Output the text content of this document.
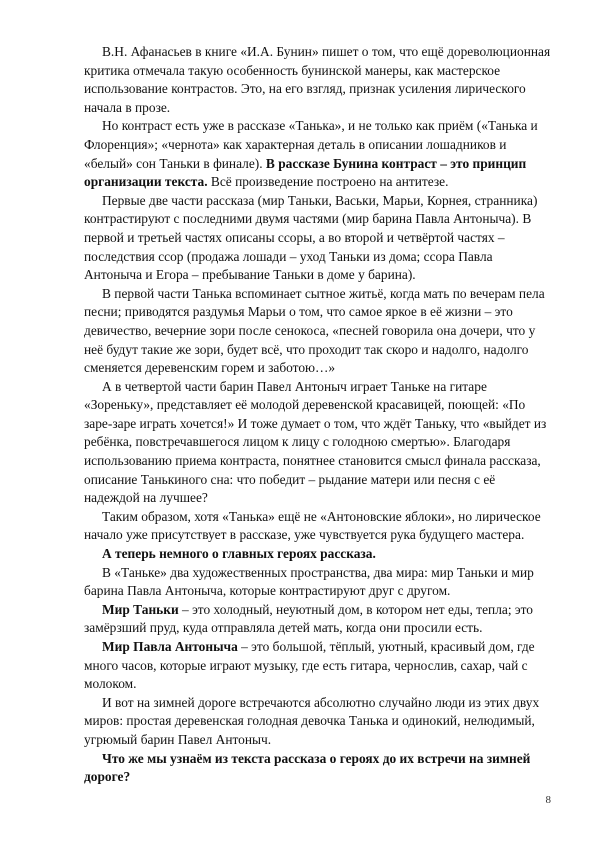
В.Н. Афанасьев в книге «И.А. Бунин» пишет о том, что ещё дореволюционная критика отмечала такую особенность бунинской манеры, как мастерское использование контрастов. Это, на его взгляд, признак усиления лирического начала в прозе.

Но контраст есть уже в рассказе «Танька», и не только как приём («Танька и Флоренция»; «чернота» как характерная деталь в описании лошадников и «белый» сон Таньки в финале). В рассказе Бунина контраст – это принцип организации текста. Всё произведение построено на антитезе.

Первые две части рассказа (мир Таньки, Васьки, Марьи, Корнея, странника) контрастируют с последними двумя частями (мир барина Павла Антоныча). В первой и третьей частях описаны ссоры, а во второй и четвёртой частях – последствия ссор (продажа лошади – уход Таньки из дома; ссора Павла Антоныча и Егора – пребывание Таньки в доме у барина).

В первой части Танька вспоминает сытное житьё, когда мать по вечерам пела песни; приводятся раздумья Марьи о том, что самое яркое в её жизни – это девичество, вечерние зори после сенокоса, «песней говорила она дочери, что у неё будут такие же зори, будет всё, что проходит так скоро и надолго, надолго сменяется деревенским горем и заботою…»

А в четвертой части барин Павел Антоныч играет Таньке на гитаре «Зореньку», представляет её молодой деревенской красавицей, поющей: «По заре-заре играть хочется!» И тоже думает о том, что ждёт Таньку, что «выйдет из ребёнка, повстречавшегося лицом к лицу с голодною смертью». Благодаря использованию приема контраста, понятнее становится смысл финала рассказа, описание Танькиного сна: что победит – рыдание матери или песня с её надеждой на лучшее?

Таким образом, хотя «Танька» ещё не «Антоновские яблоки», но лирическое начало уже присутствует в рассказе, уже чувствуется рука будущего мастера.

А теперь немного о главных героях рассказа.

В «Таньке» два художественных пространства, два мира: мир Таньки и мир барина Павла Антоныча, которые контрастируют друг с другом.

Мир Таньки – это холодный, неуютный дом, в котором нет еды, тепла; это замёрзший пруд, куда отправляла детей мать, когда они просили есть.

Мир Павла Антоныча – это большой, тёплый, уютный, красивый дом, где много часов, которые играют музыку, где есть гитара, чернослив, сахар, чай с молоком.

И вот на зимней дороге встречаются абсолютно случайно люди из этих двух миров: простая деревенская голодная девочка Танька и одинокий, нелюдимый, угрюмый барин Павел Антоныч.

Что же мы узнаём из текста рассказа о героях до их встречи на зимней дороге?

8
